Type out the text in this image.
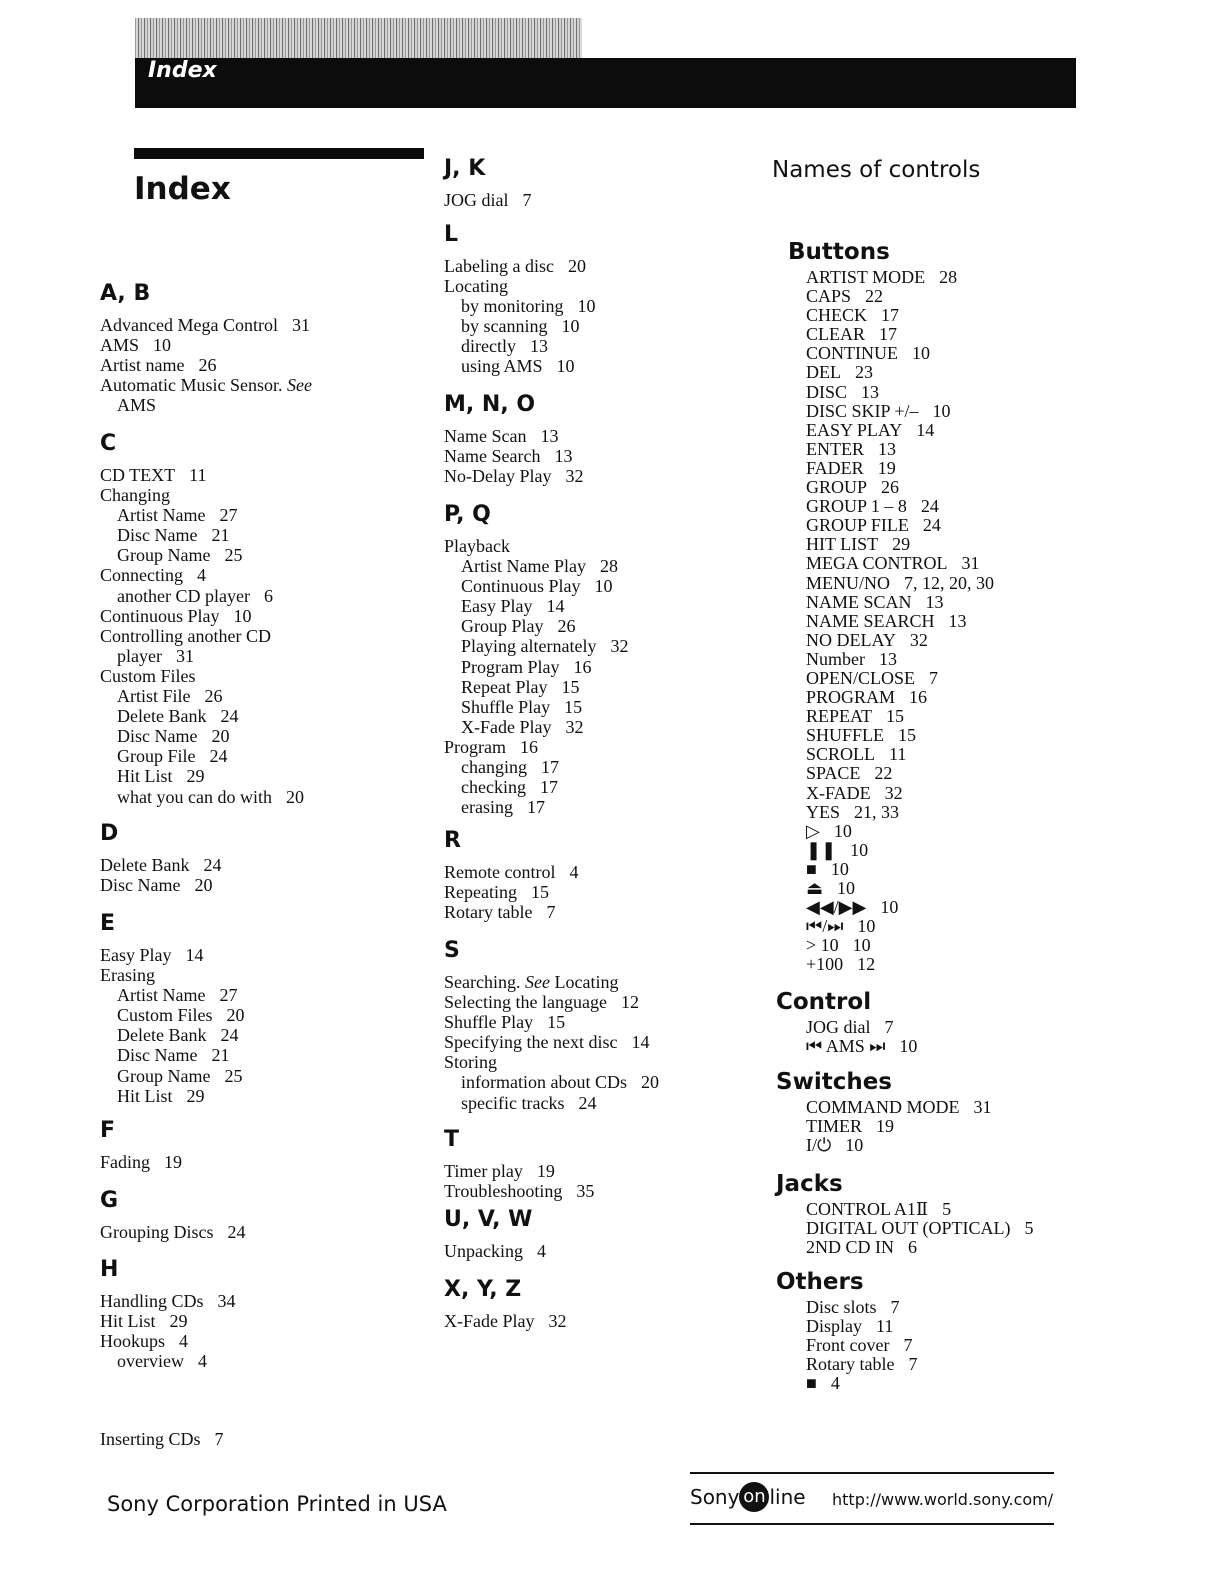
Index
Index
A, B
Advanced Mega Control 31
AMS 10
Artist name 26
Automatic Music Sensor. See
AMS
C
CD TEXT 11
Changing
Artist Name 27
Disc Name 21
Group Name 25
Connecting 4
another CD player 6
Continuous Play 10
Controlling another CD
player 31
Custom Files
Artist File 26
Delete Bank 24
Disc Name 20
Group File 24
Hit List 29
what you can do with 20
D
Delete Bank 24
Disc Name 20
E
Easy Play 14
Erasing
Artist Name 27
Custom Files 20
Delete Bank 24
Disc Name 21
Group Name 25
Hit List 29
F
Fading 19
G
Grouping Discs 24
H
Handling CDs 34
Hit List 29
Hookups 4
overview 4
Inserting CDs 7
J, K
JOG dial 7
L
Labeling a disc 20
Locating
by monitoring 10
by scanning 10
directly 13
using AMS 10
M, N, O
Name Scan 13
Name Search 13
No-Delay Play 32
P, Q
Playback
Artist Name Play 28
Continuous Play 10
Easy Play 14
Group Play 26
Playing alternately 32
Program Play 16
Repeat Play 15
Shuffle Play 15
X-Fade Play 32
Program 16
changing 17
checking 17
erasing 17
R
Remote control 4
Repeating 15
Rotary table 7
S
Searching. See Locating
Selecting the language 12
Shuffle Play 15
Specifying the next disc 14
Storing
information about CDs 20
specific tracks 24
T
Timer play 19
Troubleshooting 35
U, V, W
Unpacking 4
X, Y, Z
X-Fade Play 32
Names of controls
Buttons
ARTIST MODE 28
CAPS 22
CHECK 17
CLEAR 17
CONTINUE 10
DEL 23
DISC 13
DISC SKIP +/– 10
EASY PLAY 14
ENTER 13
FADER 19
GROUP 26
GROUP 1 – 8 24
GROUP FILE 24
HIT LIST 29
MEGA CONTROL 31
MENU/NO 7, 12, 20, 30
NAME SCAN 13
NAME SEARCH 13
NO DELAY 32
Number 13
OPEN/CLOSE 7
PROGRAM 16
REPEAT 15
SHUFFLE 15
SCROLL 11
SPACE 22
X-FADE 32
YES 21, 33
▷ 10
❚❚ 10
■ 10
⏏ 10
◀◀/▶▶ 10
⏮/⏭ 10
> 10 10
+100 12
Control
JOG dial 7
⏮ AMS ⏭ 10
Switches
COMMAND MODE 31
TIMER 19
I/⏻ 10
Jacks
CONTROL A1Ⅱ 5
DIGITAL OUT (OPTICAL) 5
2ND CD IN 6
Others
Disc slots 7
Display 11
Front cover 7
Rotary table 7
■ 4
Sony Corporation Printed in USA	Sony on line http://www.world.sony.com/
